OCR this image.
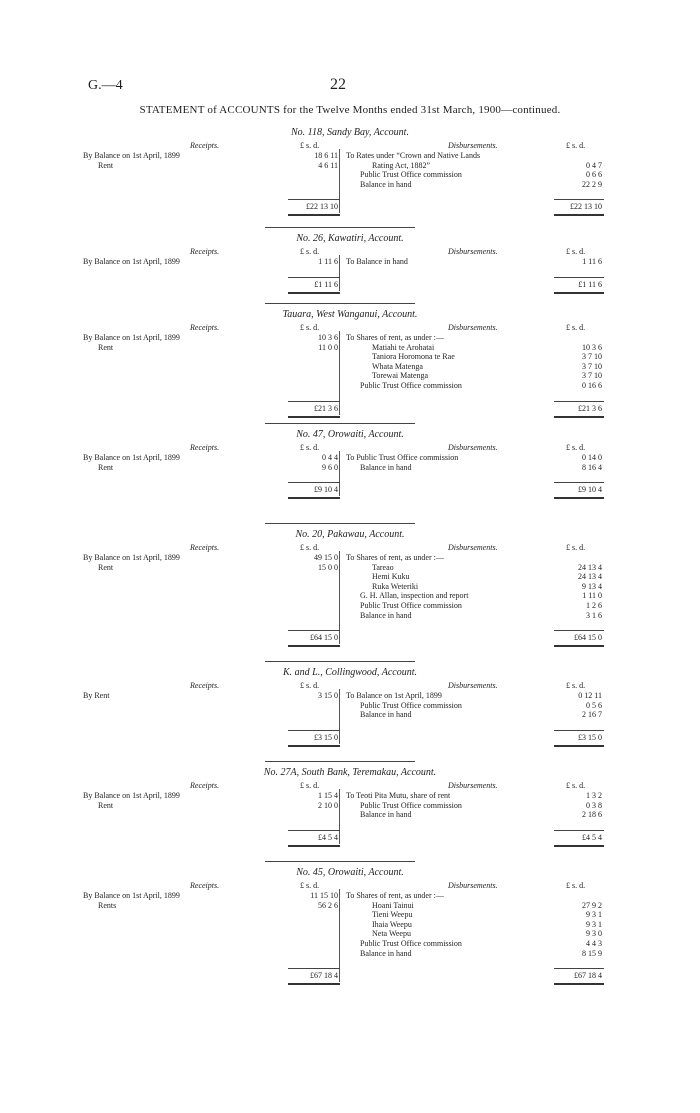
G.—4	22
STATEMENT of ACCOUNTS for the Twelve Months ended 31st March, 1900—continued.
No. 118, Sandy Bay, Account.
Receipts.	£ s. d.	Disbursements.	£ s. d.
By Balance on 1st April, 1899	18 6 11
Rent	4 6 11
To Rates under “Crown and Native Lands
Rating Act, 1882”	0 4 7
Public Trust Office commission	0 6 6
Balance in hand	22 2 9
£22 13 10	£22 13 10
No. 26, Kawatiri, Account.
Receipts.	£ s. d.	Disbursements.	£ s. d.
By Balance on 1st April, 1899	1 11 6 To Balance in hand	1 11 6
£1 11 6	£1 11 6
Tauara, West Wanganui, Account.
Receipts.	£ s. d.	Disbursements.	£ s. d.
By Balance on 1st April, 1899	10 3 6
Rent	11 0 0
To Shares of rent, as under :—
Matiahi te Arohatai	10 3 6
Taniora Horomona te Rae	3 7 10
Whata Matenga	3 7 10
Torewai Matenga	3 7 10
Public Trust Office commission	0 16 6
£21 3 6	£21 3 6
No. 47, Orowaiti, Account.
Receipts.	£ s. d.	Disbursements.	£ s. d.
By Balance on 1st April, 1899	0 4 4
Rent	9 6 0
To Public Trust Office commission	0 14 0
Balance in hand	8 16 4
£9 10 4	£9 10 4
No. 20, Pakawau, Account.
Receipts.	£ s. d.	Disbursements.	£ s. d.
By Balance on 1st April, 1899	49 15 0
Rent	15 0 0
To Shares of rent, as under :—
Tareao	24 13 4
Hemi Kuku	24 13 4
Ruka Weteriki	9 13 4
G. H. Allan, inspection and report	1 11 0
Public Trust Office commission	1 2 6
Balance in hand	3 1 6
£64 15 0	£64 15 0
K. and L., Collingwood, Account.
Receipts.	£ s. d.	Disbursements.	£ s. d.
By Rent	3 15 0 To Balance on 1st April, 1899	0 12 11
Public Trust Office commission	0 5 6
Balance in hand	2 16 7
£3 15 0	£3 15 0
No. 27A, South Bank, Teremakau, Account.
Receipts.	£ s. d.	Disbursements.	£ s. d.
By Balance on 1st April, 1899	1 15 4
Rent	2 10 0
To Teoti Pita Mutu, share of rent	1 3 2
Public Trust Office commission	0 3 8
Balance in hand	2 18 6
£4 5 4	£4 5 4
No. 45, Orowaiti, Account.
Receipts.	£ s. d.	Disbursements.	£ s. d.
By Balance on 1st April, 1899	11 15 10
Rents	56 2 6
To Shares of rent, as under :—
Hoani Tainui	27 9 2
Tieni Weepu	9 3 1
Ihaia Weepu	9 3 1
Neta Weepu	9 3 0
Public Trust Office commission	4 4 3
Balance in hand	8 15 9
£67 18 4	£67 18 4
